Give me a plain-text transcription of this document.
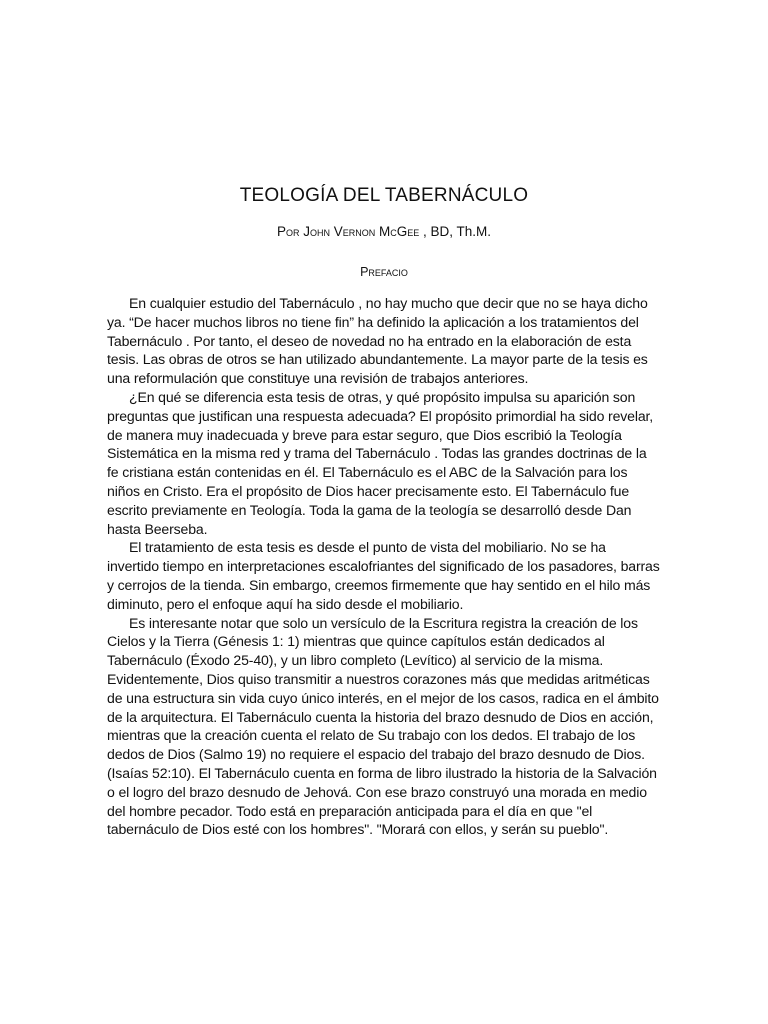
TEOLOGÍA DEL TABERNÁCULO

Por John Vernon McGee , BD, Th.M.

Prefacio

En cualquier estudio del Tabernáculo , no hay mucho que decir que no se haya dicho ya. “De hacer muchos libros no tiene fin” ha definido la aplicación a los tratamientos del Tabernáculo . Por tanto, el deseo de novedad no ha entrado en la elaboración de esta tesis. Las obras de otros se han utilizado abundantemente. La mayor parte de la tesis es una reformulación que constituye una revisión de trabajos anteriores.

¿En qué se diferencia esta tesis de otras, y qué propósito impulsa su aparición son preguntas que justifican una respuesta adecuada? El propósito primordial ha sido revelar, de manera muy inadecuada y breve para estar seguro, que Dios escribió la Teología Sistemática en la misma red y trama del Tabernáculo . Todas las grandes doctrinas de la fe cristiana están contenidas en él. El Tabernáculo es el ABC de la Salvación para los niños en Cristo. Era el propósito de Dios hacer precisamente esto. El Tabernáculo fue escrito previamente en Teología. Toda la gama de la teología se desarrolló desde Dan hasta Beerseba.

El tratamiento de esta tesis es desde el punto de vista del mobiliario. No se ha invertido tiempo en interpretaciones escalofriantes del significado de los pasadores, barras y cerrojos de la tienda. Sin embargo, creemos firmemente que hay sentido en el hilo más diminuto, pero el enfoque aquí ha sido desde el mobiliario.

Es interesante notar que solo un versículo de la Escritura registra la creación de los Cielos y la Tierra (Génesis 1: 1) mientras que quince capítulos están dedicados al Tabernáculo (Éxodo 25-40), y un libro completo (Levítico) al servicio de la misma. Evidentemente, Dios quiso transmitir a nuestros corazones más que medidas aritméticas de una estructura sin vida cuyo único interés, en el mejor de los casos, radica en el ámbito de la arquitectura. El Tabernáculo cuenta la historia del brazo desnudo de Dios en acción, mientras que la creación cuenta el relato de Su trabajo con los dedos. El trabajo de los dedos de Dios (Salmo 19) no requiere el espacio del trabajo del brazo desnudo de Dios. (Isaías 52:10). El Tabernáculo cuenta en forma de libro ilustrado la historia de la Salvación o el logro del brazo desnudo de Jehová. Con ese brazo construyó una morada en medio del hombre pecador. Todo está en preparación anticipada para el día en que "el tabernáculo de Dios esté con los hombres". "Morará con ellos, y serán su pueblo".
